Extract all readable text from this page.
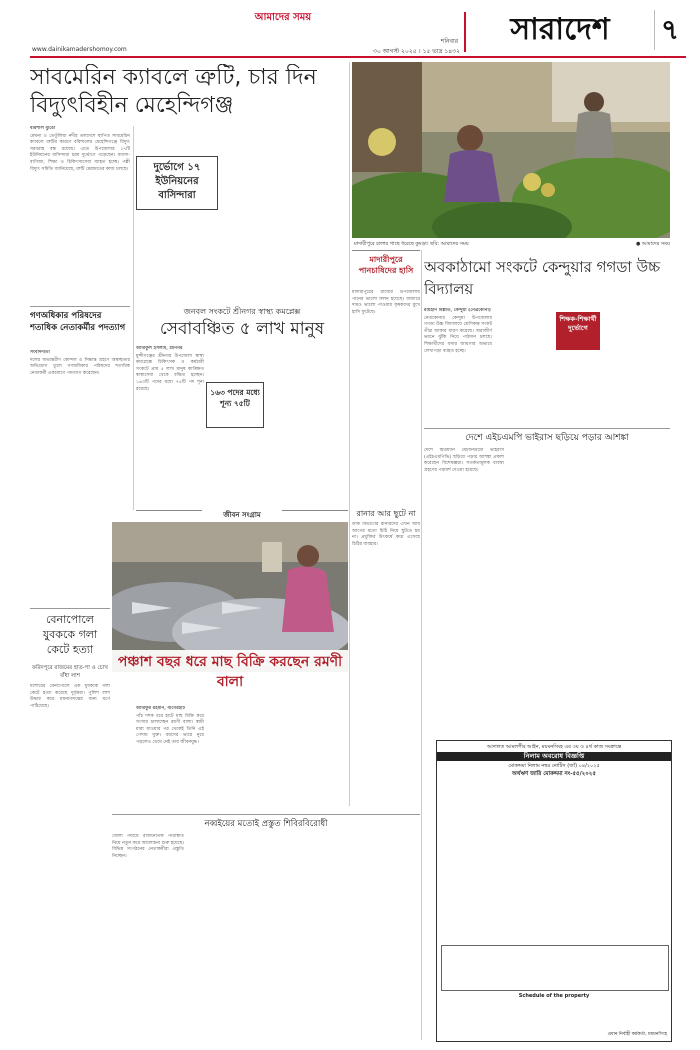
আমাদের সময়
শনিবার
www.dainikamadershomoy.com	৩০ আগস্ট ২০২৫ । ১৫ ভাদ্র ১৪৩২
সারাদেশ	৭
সাবমেরিন ক্যাবলে ত্রুটি, চার দিন বিদ্যুৎবিহীন মেহেন্দিগঞ্জ

বরিশাল ব্যুরো

মেঘনা ও তেতুঁলিয়া নদীর তলদেশে স্থাপিত সাবমেরিন ক্যাবলে ত্রুটির কারণে বরিশালের মেহেন্দিগঞ্জে বিদ্যুৎ সরবরাহ বন্ধ রয়েছে। এতে উপজেলার ১৭টি ইউনিয়নের বাসিন্দারা চরম দুর্ভোগে পড়েছেন। ব্যবসা-বাণিজ্য, শিক্ষা ও চিকিৎসাসেবা ব্যাহত হচ্ছে। পল্লী বিদ্যুৎ সমিতি জানিয়েছে, ত্রুটি মেরামতের কাজ চলছে।	দুর্ভোগে ১৭ ইউনিয়নের বাসিন্দারা
মাদারীপুরে চালার গাছে ধরেছে কুমড়া। ছবি: আমাদের সময়	● আমাদের সময়
মাদারীপুরে পানচাষিদের হাসি

মাদারীপুরের রাজৈর উপজেলায় পানের ভালো ফলন হয়েছে। বাজারে দামও ভালো পাওয়ায় কৃষকদের মুখে হাসি ফুটেছে।

অবকাঠামো সংকটে কেন্দুয়ার গগডা উচ্চ বিদ্যালয়

রায়হান মিল্লাত, কেন্দুয়া (নেত্রকোনা)

নেত্রকোনার কেন্দুয়া উপজেলার গগডা উচ্চ বিদ্যালয়ে শ্রেণিকক্ষ সংকট তীব্র আকার ধারণ করেছে। জরাজীর্ণ ভবনে ঝুঁকি নিয়ে পাঠদান চলছে। শিক্ষার্থীদের বসার জায়গার অভাবে লেখাপড়া ব্যাহত হচ্ছে।

শিক্ষক-শিক্ষার্থী দুর্ভোগে
দেশে এইচএমপি ভাইরাস ছড়িয়ে পড়ার আশঙ্কা

দেশে হিউম্যান মেটানিউমো ভাইরাস (এইচএমপিভি) ছড়িয়ে পড়ার আশঙ্কা প্রকাশ করেছেন বিশেষজ্ঞরা। সতর্কতামূলক ব্যবস্থা গ্রহণের পরামর্শ দেওয়া হয়েছে।

গণঅধিকার পরিষদের শতাধিক নেতাকর্মীর পদত্যাগ

সংবাদদাতা

দলের অভ্যন্তরীণ কোন্দল ও সিদ্ধান্ত গ্রহণে অস্বচ্ছতার অভিযোগ তুলে গণঅধিকার পরিষদের শতাধিক নেতাকর্মী একযোগে পদত্যাগ করেছেন।

জনবল সংকটে শ্রীনগর স্বাস্থ্য কমপ্লেক্স
সেবাবঞ্চিত ৫ লাখ মানুষ

আরিফুল ইসলাম, শ্রীনগর

মুন্সীগঞ্জের শ্রীনগর উপজেলা স্বাস্থ্য কমপ্লেক্সে চিকিৎসক ও কর্মচারী সংকটে প্রায় ৫ লাখ মানুষ কাঙ্ক্ষিত স্বাস্থ্যসেবা থেকে বঞ্চিত হচ্ছেন। ১৬৩টি পদের মধ্যে ৭৫টি পদ শূন্য রয়েছে।	১৬৩ পদের মধ্যে শূন্য ৭৫টি
রানার আর ছুটে না

ডাক বিভাগের রানারদের এখন আর আগের মতো চিঠি নিয়ে ছুটতে হয় না। প্রযুক্তির উৎকর্ষে কমে এসেছে চিঠির ব্যবহার।

জীবন সংগ্রাম
পঞ্চাশ বছর ধরে মাছ বিক্রি করছেন রমণী বালা

আরিফুর রহমান, বাগেরহাট

পাঁচ দশক ধরে হাটে মাছ বিক্রি করে সংসার চালাচ্ছেন রমণী বালা। স্বামী মারা যাওয়ার পর থেকেই তিনি এই পেশায় যুক্ত। বয়সের ভারে নুয়ে পড়লেও থেমে নেই তার জীবনযুদ্ধ।

বেনাপোলে যুবককে গলা কেটে হত্যা
ফরিদপুরে রাজমের হাত-পা ও চোখ বাঁধা লাশ

যশোরের বেনাপোলে এক যুবককে গলা কেটে হত্যা করেছে দুর্বৃত্তরা। পুলিশ লাশ উদ্ধার করে ময়নাতদন্তের জন্য মর্গে পাঠিয়েছে।

নব্বইয়ের মতোই প্রস্তুত শিবিরবিরোধী

জেলা পর্যায়ে রাজনৈতিক পরিস্থিতি নিয়ে নতুন করে আলোচনা শুরু হয়েছে। বিভিন্ন সংগঠনের নেতাকর্মীরা প্রস্তুতি নিচ্ছেন।

আদালত আমলগীর আইন, ময়মনসিংহ এর ৩য় ও ৪র্থ কাজ সংক্রান্তে
নিলাম অবরোধ বিজ্ঞপ্তি
মোকদ্দমা নিলাম নম্বর নোটিস (জ্যঁ) ০৪/২০২৫
অর্থঋণ জারি মোকদ্দমা নং-৫৫/২০২৫
Schedule of the property
প্রধান নির্বাহী কর্মকর্তা, ময়মনসিংহ
